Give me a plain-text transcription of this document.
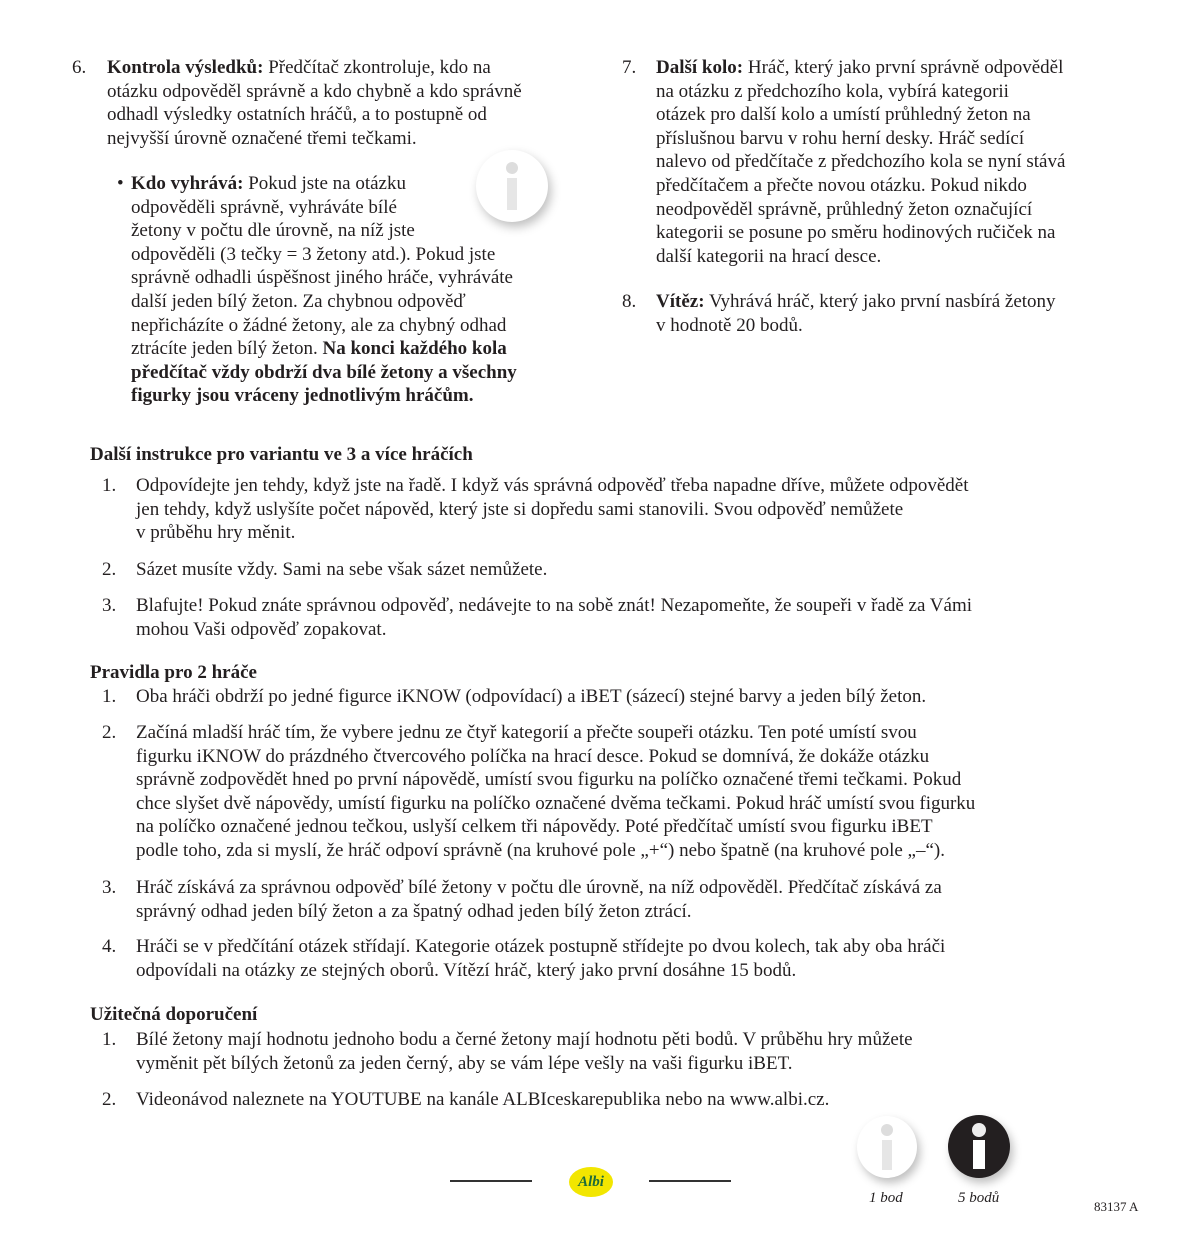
6. Kontrola výsledků: Předčítač zkontroluje, kdo na
otázku odpověděl správně a kdo chybně a kdo správně
odhadl výsledky ostatních hráčů, a to postupně od
nejvyšší úrovně označené třemi tečkami.
• Kdo vyhrává: Pokud jste na otázku
odpověděli správně, vyhráváte bílé
žetony v počtu dle úrovně, na níž jste
odpověděli (3 tečky = 3 žetony atd.). Pokud jste
správně odhadli úspěšnost jiného hráče, vyhráváte
další jeden bílý žeton. Za chybnou odpověď
nepřicházíte o žádné žetony, ale za chybný odhad
ztrácíte jeden bílý žeton. Na konci každého kola
předčítač vždy obdrží dva bílé žetony a všechny
figurky jsou vráceny jednotlivým hráčům.
7. Další kolo: Hráč, který jako první správně odpověděl
na otázku z předchozího kola, vybírá kategorii
otázek pro další kolo a umístí průhledný žeton na
příslušnou barvu v rohu herní desky. Hráč sedící
nalevo od předčítače z předchozího kola se nyní stává
předčítačem a přečte novou otázku. Pokud nikdo
neodpověděl správně, průhledný žeton označující
kategorii se posune po směru hodinových ručiček na
další kategorii na hrací desce.
8. Vítěz: Vyhrává hráč, který jako první nasbírá žetony
v hodnotě 20 bodů.
Další instrukce pro variantu ve 3 a více hráčích
1. Odpovídejte jen tehdy, když jste na řadě. I když vás správná odpověď třeba napadne dříve, můžete odpovědět
jen tehdy, když uslyšíte počet nápověd, který jste si dopředu sami stanovili. Svou odpověď nemůžete
v průběhu hry měnit.
2. Sázet musíte vždy. Sami na sebe však sázet nemůžete.
3. Blafujte! Pokud znáte správnou odpověď, nedávejte to na sobě znát! Nezapomeňte, že soupeři v řadě za Vámi
mohou Vaši odpověď zopakovat.
Pravidla pro 2 hráče
1. Oba hráči obdrží po jedné figurce iKNOW (odpovídací) a iBET (sázecí) stejné barvy a jeden bílý žeton.
2. Začíná mladší hráč tím, že vybere jednu ze čtyř kategorií a přečte soupeři otázku. Ten poté umístí svou
figurku iKNOW do prázdného čtvercového políčka na hrací desce. Pokud se domnívá, že dokáže otázku
správně zodpovědět hned po první nápovědě, umístí svou figurku na políčko označené třemi tečkami. Pokud
chce slyšet dvě nápovědy, umístí figurku na políčko označené dvěma tečkami. Pokud hráč umístí svou figurku
na políčko označené jednou tečkou, uslyší celkem tři nápovědy. Poté předčítač umístí svou figurku iBET
podle toho, zda si myslí, že hráč odpoví správně (na kruhové pole „+“) nebo špatně (na kruhové pole „–“).
3. Hráč získává za správnou odpověď bílé žetony v počtu dle úrovně, na níž odpověděl. Předčítač získává za
správný odhad jeden bílý žeton a za špatný odhad jeden bílý žeton ztrácí.
4. Hráči se v předčítání otázek střídají. Kategorie otázek postupně střídejte po dvou kolech, tak aby oba hráči
odpovídali na otázky ze stejných oborů. Vítězí hráč, který jako první dosáhne 15 bodů.
Užitečná doporučení
1. Bílé žetony mají hodnotu jednoho bodu a černé žetony mají hodnotu pěti bodů. V průběhu hry můžete
vyměnit pět bílých žetonů za jeden černý, aby se vám lépe vešly na vaši figurku iBET.
2. Videonávod naleznete na YOUTUBE na kanále ALBIceskarepublika nebo na www.albi.cz.
Albi
1 bod	5 bodů
83137 A
